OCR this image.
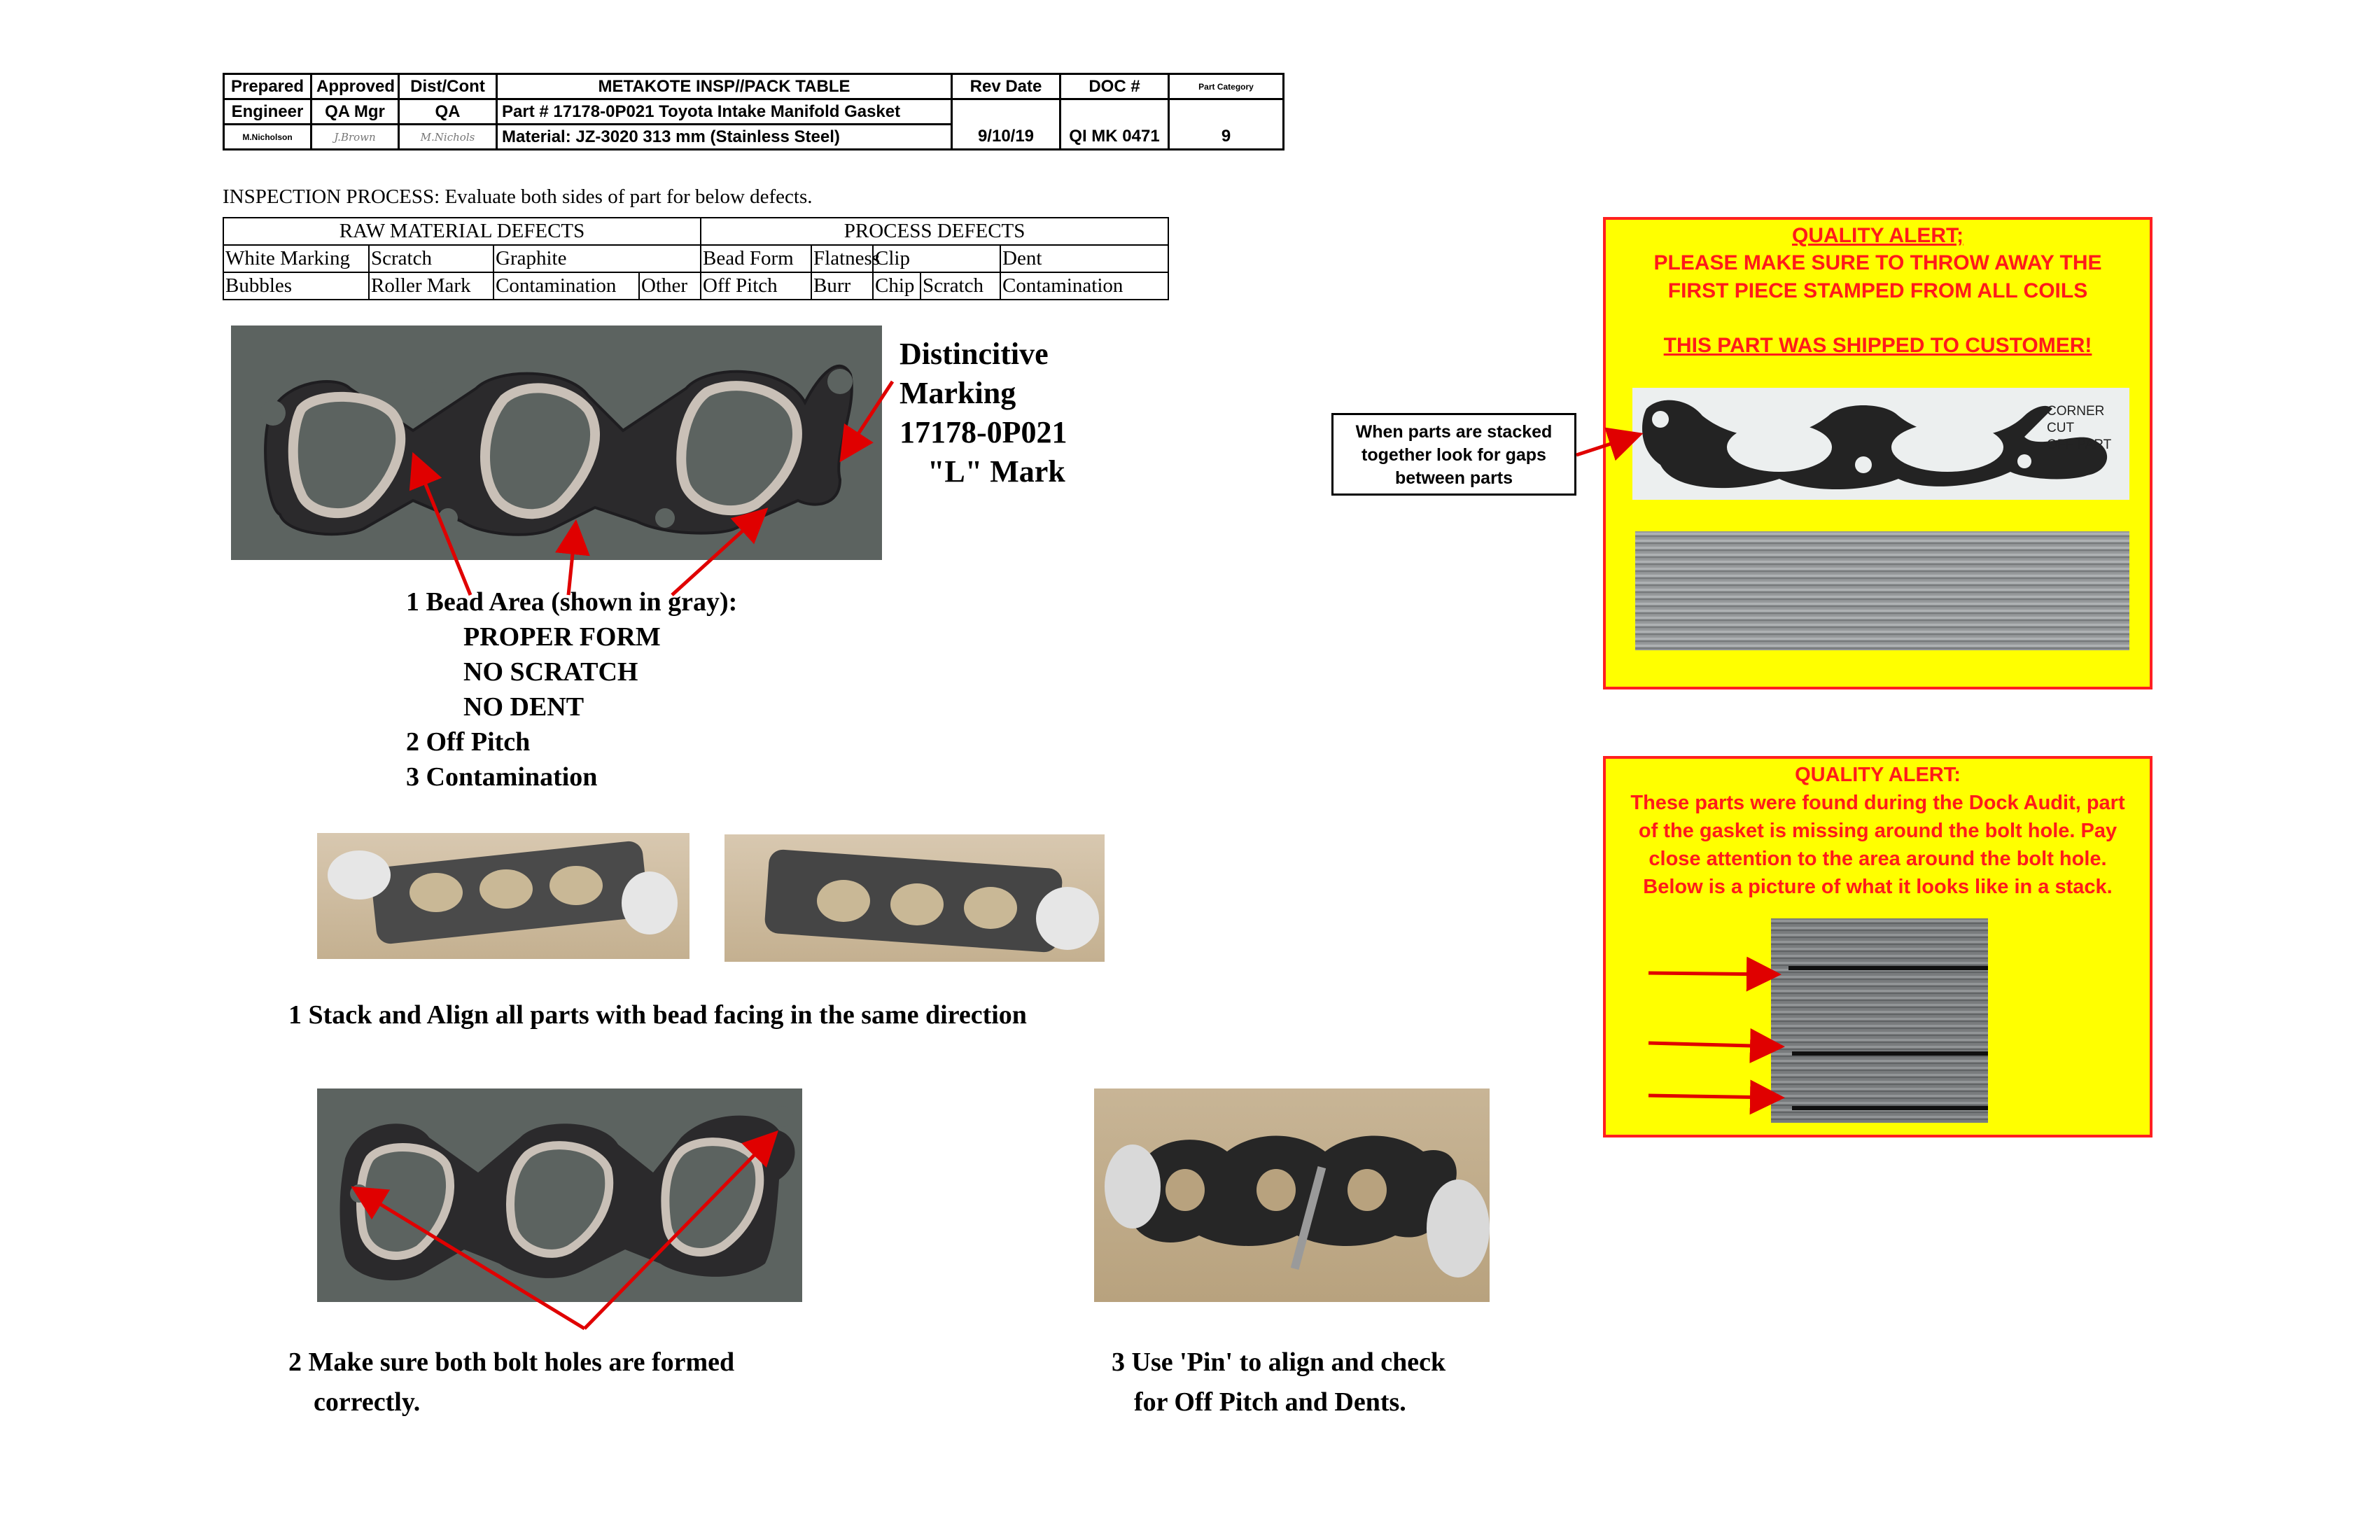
Prepared	Approved	Dist/Cont	METAKOTE INSP//PACK TABLE	Rev Date	DOC #	Part Category
Engineer	QA Mgr	QA	Part # 17178-0P021 Toyota Intake Manifold Gasket			
M.Nicholson	J.Brown	M.Nichols	Material: JZ-3020 313 mm (Stainless Steel)	9/10/19	QI MK 0471	9
INSPECTION PROCESS: Evaluate both sides of part for below defects.
RAW MATERIAL DEFECTS				PROCESS DEFECTS				
White Marking	Scratch	Graphite		Bead Form	Flatness	Clip		Dent
Bubbles	Roller Mark	Contamination	Other	Off Pitch	Burr	Chip	Scratch	Contamination
Distincitive
Marking
17178-0P021
"L" Mark
1 Bead Area (shown in gray):
PROPER FORM
NO SCRATCH
NO DENT
2 Off Pitch
3 Contamination
1 Stack and Align all parts with bead facing in the same direction
2 Make sure both bolt holes are formed
correctly.
3 Use 'Pin' to align and check
for Off Pitch and Dents.
When parts are stacked
together look for gaps
between parts
QUALITY ALERT;
PLEASE MAKE SURE TO THROW AWAY THE
FIRST PIECE STAMPED FROM ALL COILS
THIS PART WAS SHIPPED TO CUSTOMER!
CORNER CUT
OFF PART
QUALITY ALERT:
These parts were found during the Dock Audit, part
of the gasket is missing around the bolt hole. Pay
close attention to the area around the bolt hole.
Below is a picture of what it looks like in a stack.
